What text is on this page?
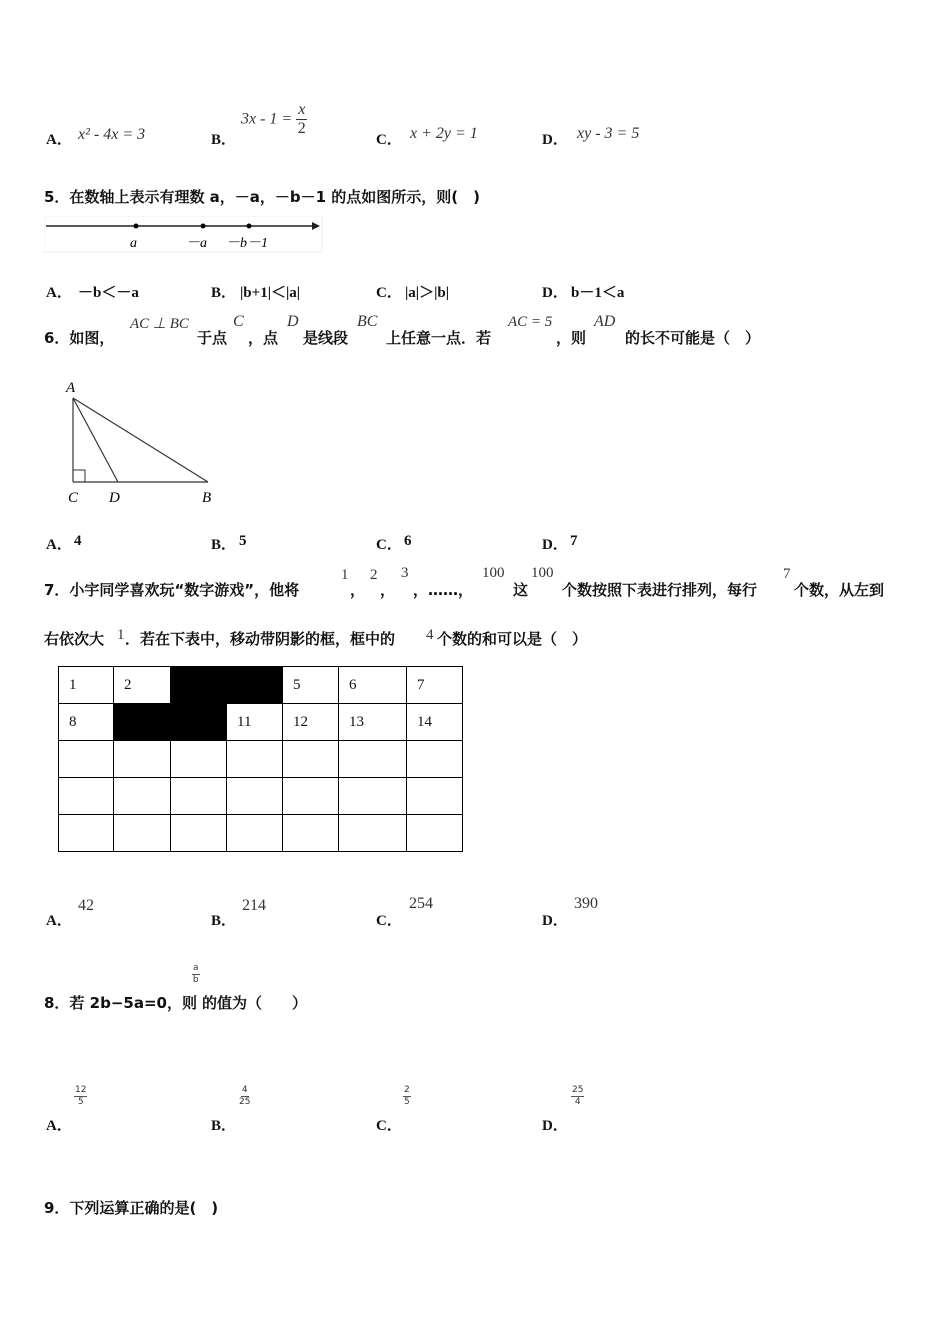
A． x² - 4x = 3	B．
$3x - 1 = \frac{x}{2}$
C． x + 2y = 1	D． xy - 3 = 5
5．在数轴上表示有理数 a，－a，－b－1 的点如图所示，则(　)
a	－a －b－1
A． －b＜－a	B． |b+1|＜|a|	C． |a|＞|b|	D． b－1＜a
6．如图，
AC ⊥ BC
于点
C
，点
D
是线段
BC
上任意一点．若
AC = 5
，则
AD
的长不可能是（　）
A
C D	B
A． 4	B． 5	C． 6	D． 7
7．小宇同学喜欢玩“数字游戏”，他将
1
，
2
，
3
，……，
100
这
100
个数按照下表进行排列，每行
7
个数，从左到
右依次大 1 ．若在下表中，移动带阴影的框，框中的 4 个数的和可以是（　）
1	2			5	6	7
8			11	12	13	14

A．
42
B．
214
C．
254
D．
390
8．若 2b−5a=0，则
$\frac{a}{b}$
的值为（　　）
A．
$\frac{12}{5}$
B．
$\frac{4}{25}$
C．
$\frac{2}{5}$
D．
$\frac{25}{4}$
9．下列运算正确的是(　)
